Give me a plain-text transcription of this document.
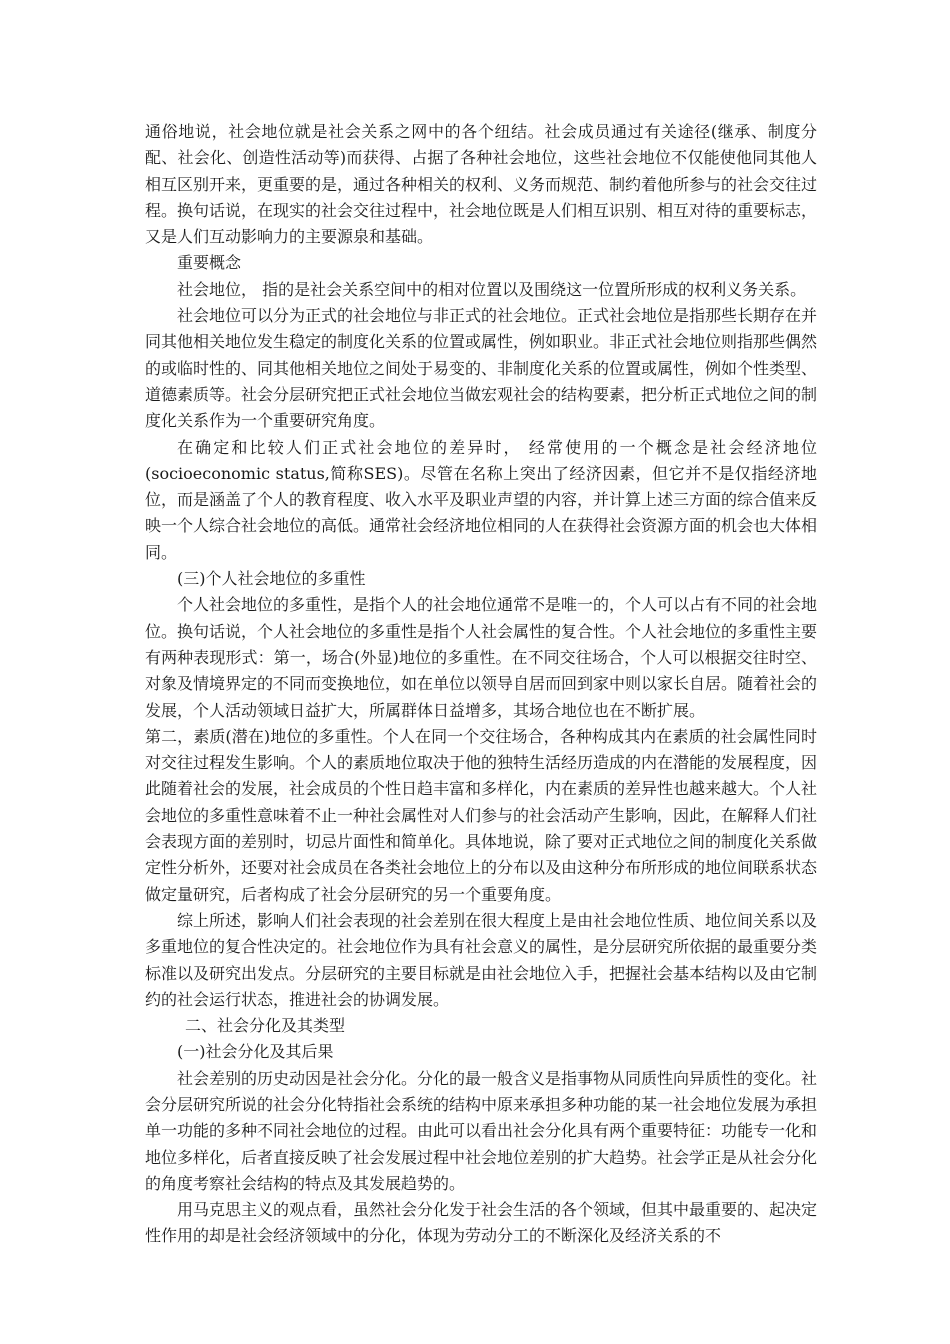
通俗地说，社会地位就是社会关系之网中的各个纽结。社会成员通过有关途径(继承、制度分配、社会化、创造性活动等)而获得、占据了各种社会地位，这些社会地位不仅能使他同其他人相互区别开来，更重要的是，通过各种相关的权利、义务而规范、制约着他所参与的社会交往过程。换句话说，在现实的社会交往过程中，社会地位既是人们相互识别、相互对待的重要标志， 又是人们互动影响力的主要源泉和基础。

重要概念

社会地位， 指的是社会关系空间中的相对位置以及围绕这一位置所形成的权利义务关系。

社会地位可以分为正式的社会地位与非正式的社会地位。正式社会地位是指那些长期存在并同其他相关地位发生稳定的制度化关系的位置或属性，例如职业。非正式社会地位则指那些偶然的或临时性的、同其他相关地位之间处于易变的、非制度化关系的位置或属性，例如个性类型、道德素质等。社会分层研究把正式社会地位当做宏观社会的结构要素，把分析正式地位之间的制度化关系作为一个重要研究角度。

在确定和比较人们正式社会地位的差异时， 经常使用的一个概念是社会经济地位(socioeconomic status,简称SES)。尽管在名称上突出了经济因素，但它并不是仅指经济地位，而是涵盖了个人的教育程度、收入水平及职业声望的内容，并计算上述三方面的综合值来反映一个人综合社会地位的高低。通常社会经济地位相同的人在获得社会资源方面的机会也大体相同。

(三)个人社会地位的多重性

个人社会地位的多重性，是指个人的社会地位通常不是唯一的，个人可以占有不同的社会地位。换句话说，个人社会地位的多重性是指个人社会属性的复合性。个人社会地位的多重性主要有两种表现形式：第一，场合(外显)地位的多重性。在不同交往场合，个人可以根据交往时空、对象及情境界定的不同而变换地位，如在单位以领导自居而回到家中则以家长自居。随着社会的发展，个人活动领域日益扩大，所属群体日益增多，其场合地位也在不断扩展。

第二，素质(潜在)地位的多重性。个人在同一个交往场合，各种构成其内在素质的社会属性同时对交往过程发生影响。个人的素质地位取决于他的独特生活经历造成的内在潜能的发展程度，因此随着社会的发展，社会成员的个性日趋丰富和多样化，内在素质的差异性也越来越大。个人社会地位的多重性意味着不止一种社会属性对人们参与的社会活动产生影响，因此，在解释人们社会表现方面的差别时，切忌片面性和简单化。具体地说，除了要对正式地位之间的制度化关系做定性分析外，还要对社会成员在各类社会地位上的分布以及由这种分布所形成的地位间联系状态做定量研究，后者构成了社会分层研究的另一个重要角度。

综上所述，影响人们社会表现的社会差别在很大程度上是由社会地位性质、地位间关系以及多重地位的复合性决定的。社会地位作为具有社会意义的属性，是分层研究所依据的最重要分类标准以及研究出发点。分层研究的主要目标就是由社会地位入手，把握社会基本结构以及由它制约的社会运行状态，推进社会的协调发展。

二、社会分化及其类型

(一)社会分化及其后果

社会差别的历史动因是社会分化。分化的最一般含义是指事物从同质性向异质性的变化。社会分层研究所说的社会分化特指社会系统的结构中原来承担多种功能的某一社会地位发展为承担单一功能的多种不同社会地位的过程。由此可以看出社会分化具有两个重要特征：功能专一化和地位多样化，后者直接反映了社会发展过程中社会地位差别的扩大趋势。社会学正是从社会分化的角度考察社会结构的特点及其发展趋势的。

用马克思主义的观点看，虽然社会分化发于社会生活的各个领域，但其中最重要的、起决定性作用的却是社会经济领域中的分化，体现为劳动分工的不断深化及经济关系的不
